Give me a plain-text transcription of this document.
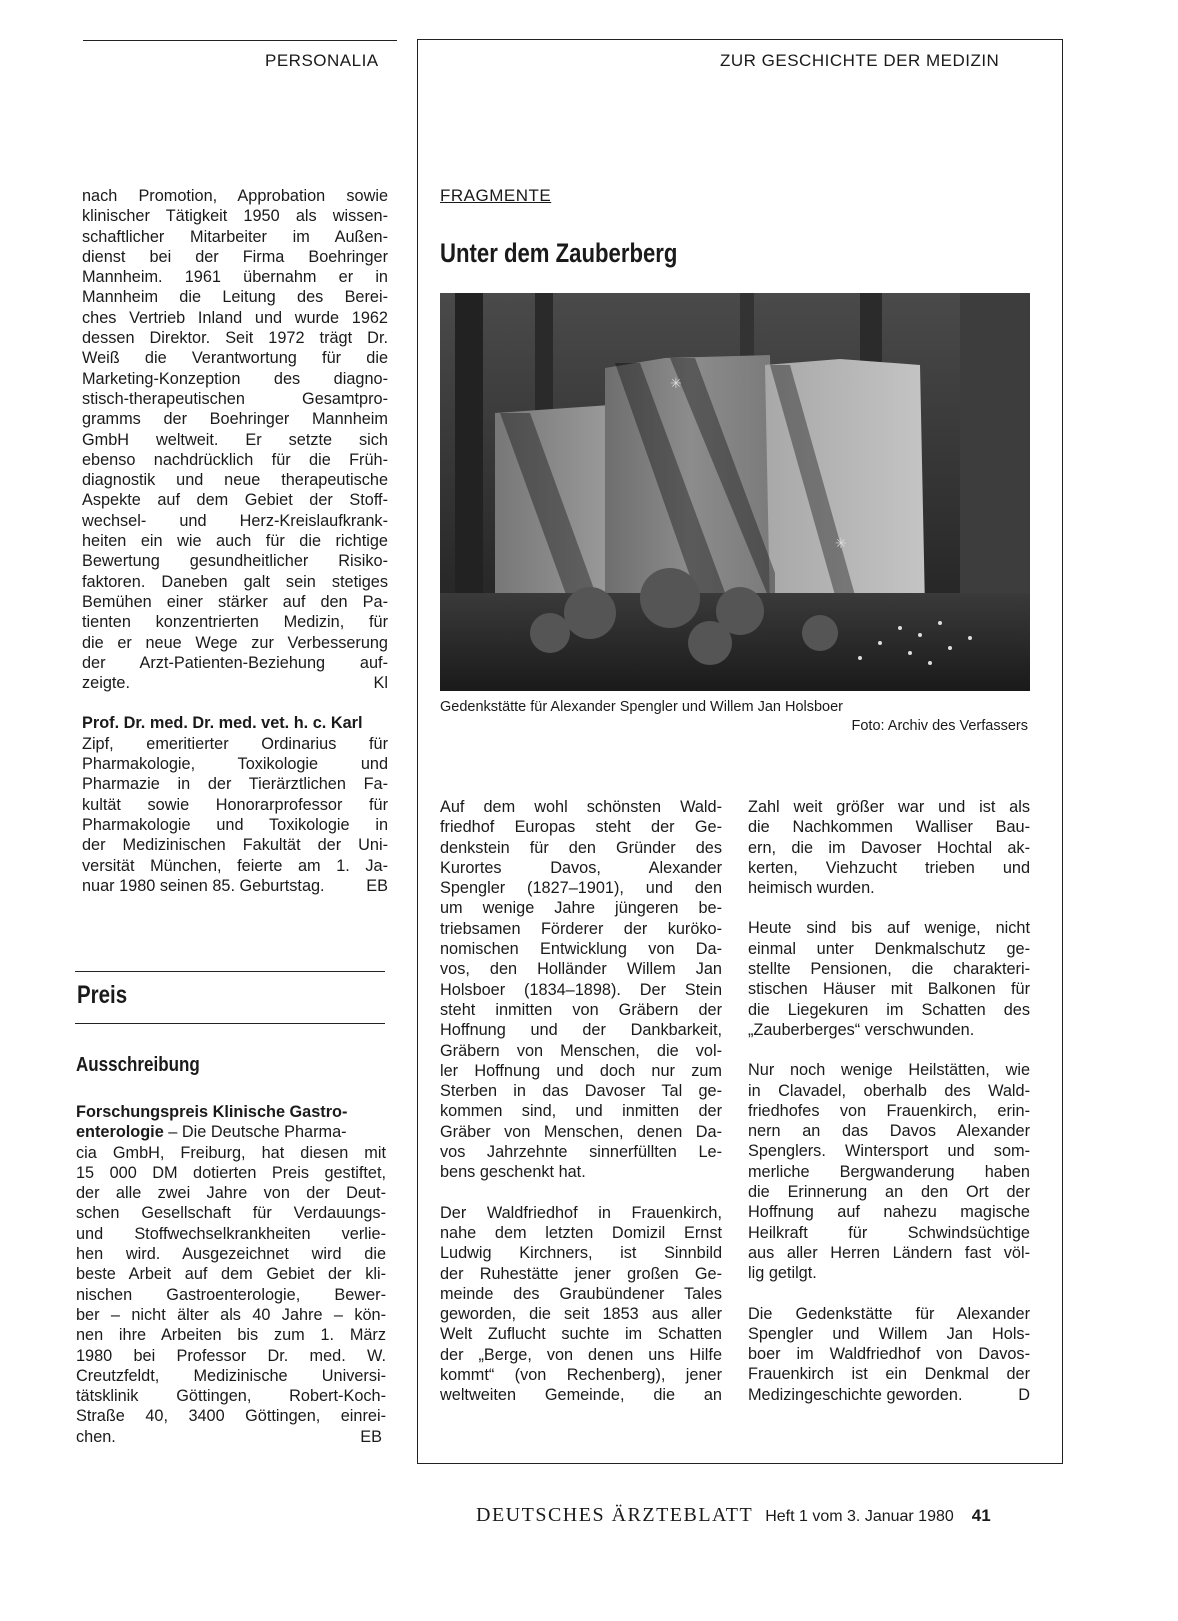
PERSONALIA	ZUR GESCHICHTE DER MEDIZIN
nach Promotion, Approbation sowie
klinischer Tätigkeit 1950 als wissen-
schaftlicher Mitarbeiter im Außen-
dienst bei der Firma Boehringer
Mannheim. 1961 übernahm er in
Mannheim die Leitung des Berei-
ches Vertrieb Inland und wurde 1962
dessen Direktor. Seit 1972 trägt Dr.
Weiß die Verantwortung für die
Marketing-Konzeption des diagno-
stisch-therapeutischen Gesamtpro-
gramms der Boehringer Mannheim
GmbH weltweit. Er setzte sich
ebenso nachdrücklich für die Früh-
diagnostik und neue therapeutische
Aspekte auf dem Gebiet der Stoff-
wechsel- und Herz-Kreislaufkrank-
heiten ein wie auch für die richtige
Bewertung gesundheitlicher Risiko-
faktoren. Daneben galt sein stetiges
Bemühen einer stärker auf den Pa-
tienten konzentrierten Medizin, für
die er neue Wege zur Verbesserung
der Arzt-Patienten-Beziehung auf-
zeigte.	Kl
Prof. Dr. med. Dr. med. vet. h. c. Karl
Zipf, emeritierter Ordinarius für
Pharmakologie, Toxikologie und
Pharmazie in der Tierärztlichen Fa-
kultät sowie Honorarprofessor für
Pharmakologie und Toxikologie in
der Medizinischen Fakultät der Uni-
versität München, feierte am 1. Ja-
nuar 1980 seinen 85. Geburtstag.	EB
Preis
Ausschreibung
Forschungspreis Klinische Gastro-
enterologie – Die Deutsche Pharma-
cia GmbH, Freiburg, hat diesen mit
15 000 DM dotierten Preis gestiftet,
der alle zwei Jahre von der Deut-
schen Gesellschaft für Verdauungs-
und Stoffwechselkrankheiten verlie-
hen wird. Ausgezeichnet wird die
beste Arbeit auf dem Gebiet der kli-
nischen Gastroenterologie, Bewer-
ber – nicht älter als 40 Jahre – kön-
nen ihre Arbeiten bis zum 1. März
1980 bei Professor Dr. med. W.
Creutzfeldt, Medizinische Universi-
tätsklinik Göttingen, Robert-Koch-
Straße 40, 3400 Göttingen, einrei-
chen.	EB
FRAGMENTE
Unter dem Zauberberg
✳
✳
Gedenkstätte für Alexander Spengler und Willem Jan Holsboer
Foto: Archiv des Verfassers
Auf dem wohl schönsten Wald-
friedhof Europas steht der Ge-
denkstein für den Gründer des
Kurortes Davos, Alexander
Spengler (1827–1901), und den
um wenige Jahre jüngeren be-
triebsamen Förderer der kuröko-
nomischen Entwicklung von Da-
vos, den Holländer Willem Jan
Holsboer (1834–1898). Der Stein
steht inmitten von Gräbern der
Hoffnung und der Dankbarkeit,
Gräbern von Menschen, die vol-
ler Hoffnung und doch nur zum
Sterben in das Davoser Tal ge-
kommen sind, und inmitten der
Gräber von Menschen, denen Da-
vos Jahrzehnte sinnerfüllten Le-
bens geschenkt hat.
Der Waldfriedhof in Frauenkirch,
nahe dem letzten Domizil Ernst
Ludwig Kirchners, ist Sinnbild
der Ruhestätte jener großen Ge-
meinde des Graubündener Tales
geworden, die seit 1853 aus aller
Welt Zuflucht suchte im Schatten
der „Berge, von denen uns Hilfe
kommt“ (von Rechenberg), jener
weltweiten Gemeinde, die an
Zahl weit größer war und ist als
die Nachkommen Walliser Bau-
ern, die im Davoser Hochtal ak-
kerten, Viehzucht trieben und
heimisch wurden.
Heute sind bis auf wenige, nicht
einmal unter Denkmalschutz ge-
stellte Pensionen, die charakteri-
stischen Häuser mit Balkonen für
die Liegekuren im Schatten des
„Zauberberges“ verschwunden.
Nur noch wenige Heilstätten, wie
in Clavadel, oberhalb des Wald-
friedhofes von Frauenkirch, erin-
nern an das Davos Alexander
Spenglers. Wintersport und som-
merliche Bergwanderung haben
die Erinnerung an den Ort der
Hoffnung auf nahezu magische
Heilkraft für Schwindsüchtige
aus aller Herren Ländern fast völ-
lig getilgt.
Die Gedenkstätte für Alexander
Spengler und Willem Jan Hols-
boer im Waldfriedhof von Davos-
Frauenkirch ist ein Denkmal der
Medizingeschichte geworden.	D
DEUTSCHES ÄRZTEBLATT Heft 1 vom 3. Januar 1980 41
